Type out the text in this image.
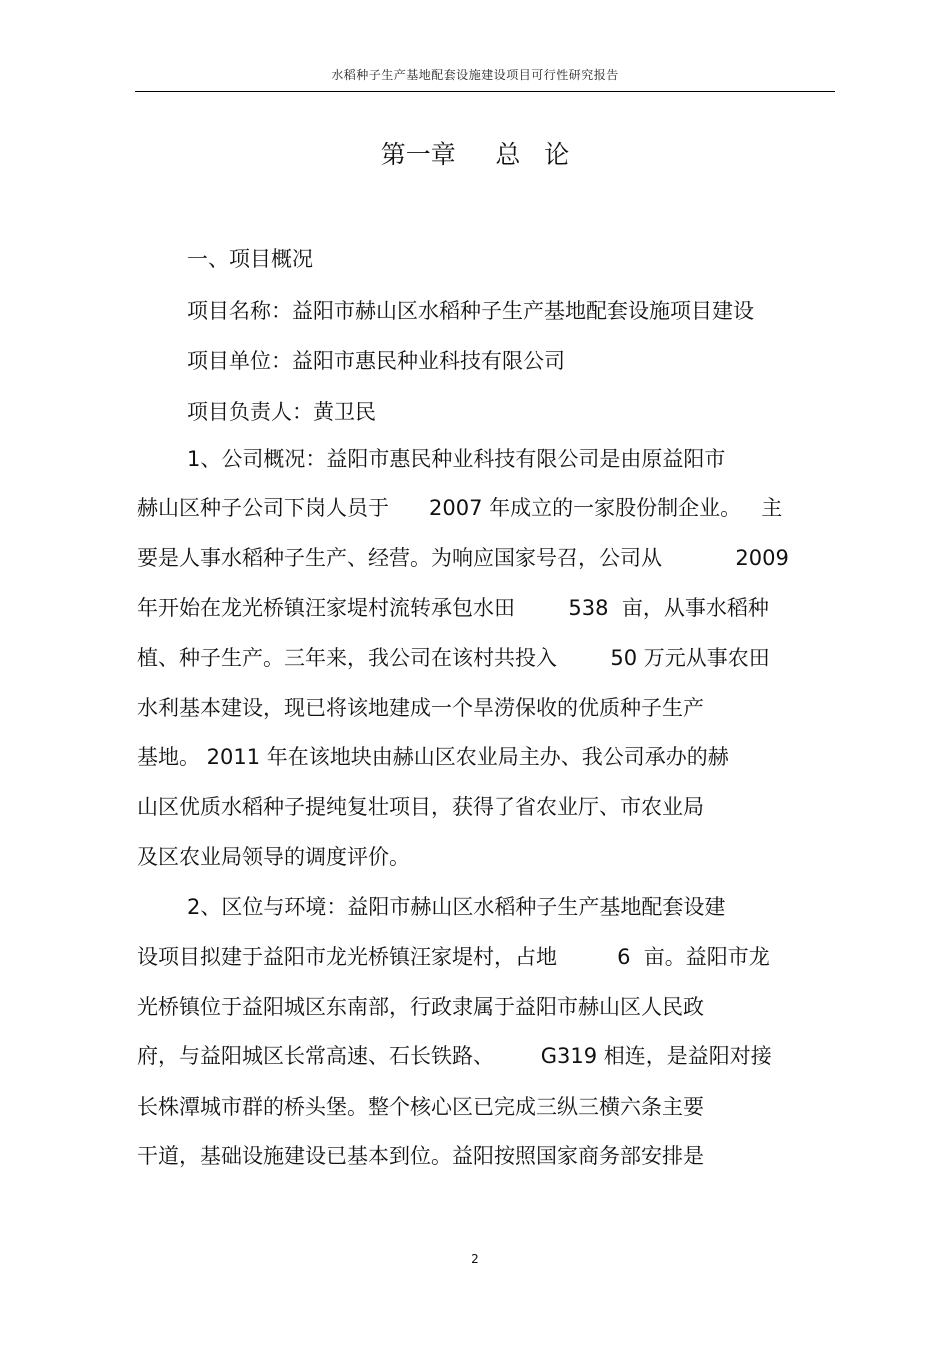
水稻种子生产基地配套设施建设项目可行性研究报告
第一章     总   论
一、项目概况
项目名称：益阳市赫山区水稻种子生产基地配套设施项目建设
项目单位：益阳市惠民种业科技有限公司
项目负责人：黄卫民
1、公司概况：益阳市惠民种业科技有限公司是由原益阳市
赫山区种子公司下岗人员于      2007 年成立的一家股份制企业。   主
要是人事水稻种子生产、经营。为响应国家号召，公司从           2009
年开始在龙光桥镇汪家堤村流转承包水田        538  亩，从事水稻种
植、种子生产。三年来，我公司在该村共投入        50 万元从事农田
水利基本建设，现已将该地建成一个旱涝保收的优质种子生产
基地。 2011 年在该地块由赫山区农业局主办、我公司承办的赫
山区优质水稻种子提纯复壮项目，获得了省农业厅、市农业局
及区农业局领导的调度评价。
2、区位与环境：益阳市赫山区水稻种子生产基地配套设建
设项目拟建于益阳市龙光桥镇汪家堤村，占地         6  亩。益阳市龙
光桥镇位于益阳城区东南部，行政隶属于益阳市赫山区人民政
府，与益阳城区长常高速、石长铁路、       G319 相连，是益阳对接
长株潭城市群的桥头堡。整个核心区已完成三纵三横六条主要
干道，基础设施建设已基本到位。益阳按照国家商务部安排是
2
